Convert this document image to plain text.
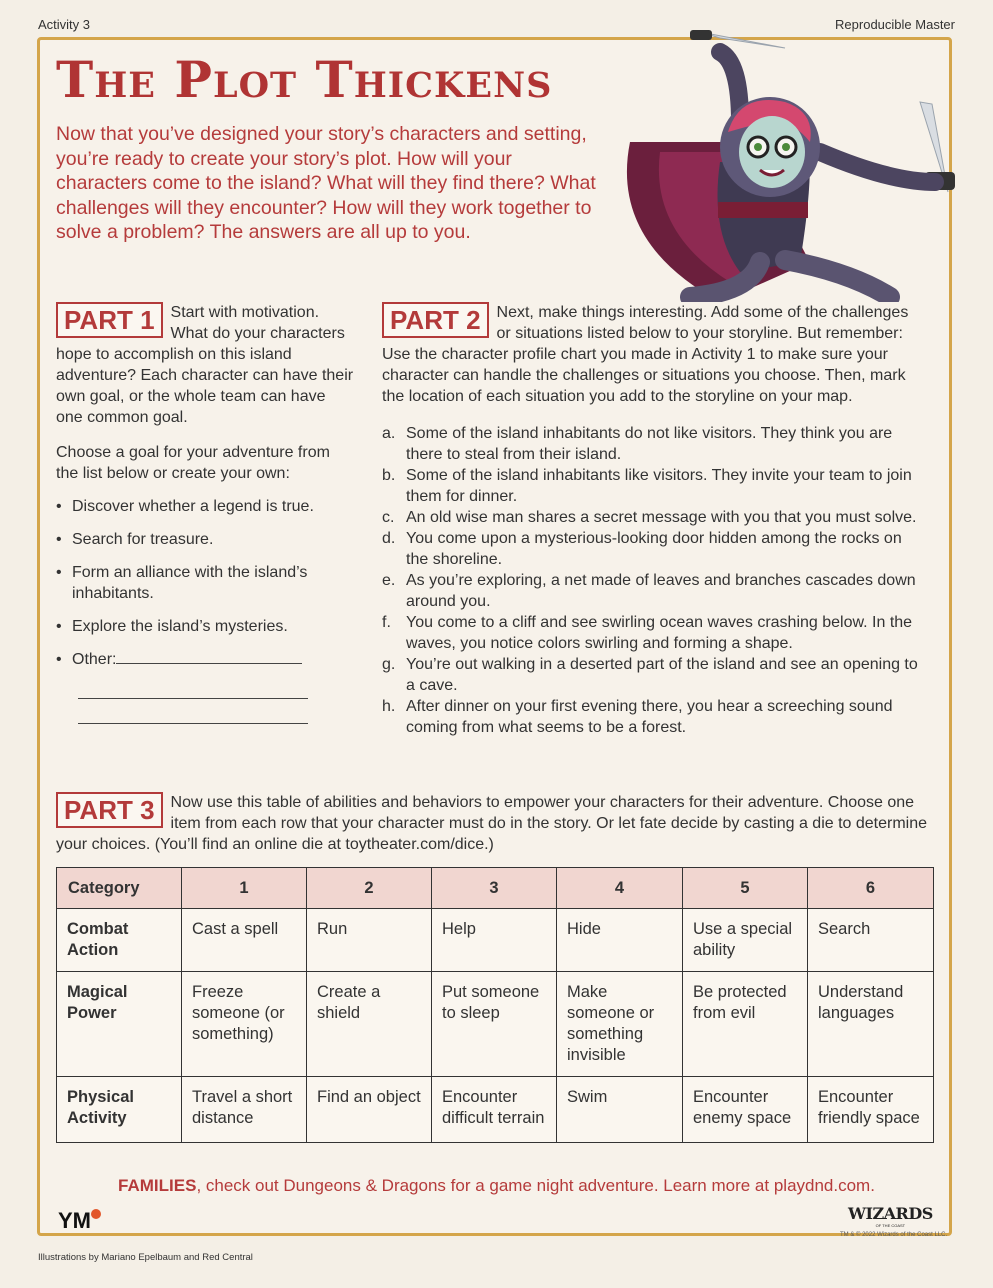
Activity 3	Reproducible Master
The Plot Thickens
Now that you’ve designed your story’s characters and setting, you’re ready to create your story’s plot. How will your characters come to the island? What will they find there? What challenges will they encounter? How will they work together to solve a problem? The answers are all up to you.

PART 1	Start with motivation. What do your characters hope to accomplish on this island adventure? Each character can have their own goal, or the whole team can have one common goal.

Choose a goal for your adventure from the list below or create your own:

• Discover whether a legend is true.
• Search for treasure.
• Form an alliance with the island’s inhabitants.
• Explore the island’s mysteries.
• Other:

PART 2	Next, make things interesting. Add some of the challenges or situations listed below to your storyline. But remember: Use the character profile chart you made in Activity 1 to make sure your character can handle the challenges or situations you choose. Then, mark the location of each situation you add to the storyline on your map.

a. Some of the island inhabitants do not like visitors. They think you are there to steal from their island.
b. Some of the island inhabitants like visitors. They invite your team to join them for dinner.
c. An old wise man shares a secret message with you that you must solve.
d. You come upon a mysterious-looking door hidden among the rocks on the shoreline.
e. As you’re exploring, a net made of leaves and branches cascades down around you.
f. You come to a cliff and see swirling ocean waves crashing below. In the waves, you notice colors swirling and forming a shape.
g. You’re out walking in a deserted part of the island and see an opening to a cave.
h. After dinner on your first evening there, you hear a screeching sound coming from what seems to be a forest.
PART 3	Now use this table of abilities and behaviors to empower your characters for their adventure. Choose one item from each row that your character must do in the story. Or let fate decide by casting a die to determine your choices. (You’ll find an online die at toytheater.com/dice.)
Category	1	2	3	4	5	6
Combat Action	Cast a spell	Run	Help	Hide	Use a special ability	Search
Magical Power	Freeze someone (or something)	Create a shield	Put someone to sleep	Make someone or something invisible	Be protected from evil	Understand languages
Physical Activity	Travel a short distance	Find an object	Encounter difficult terrain	Swim	Encounter enemy space	Encounter friendly space
FAMILIES, check out Dungeons & Dragons for a game night adventure. Learn more at playdnd.com.
YM	WIZARDS
OF THE COAST
TM & © 2022 Wizards of the Coast LLC.
Illustrations by Mariano Epelbaum and Red Central
